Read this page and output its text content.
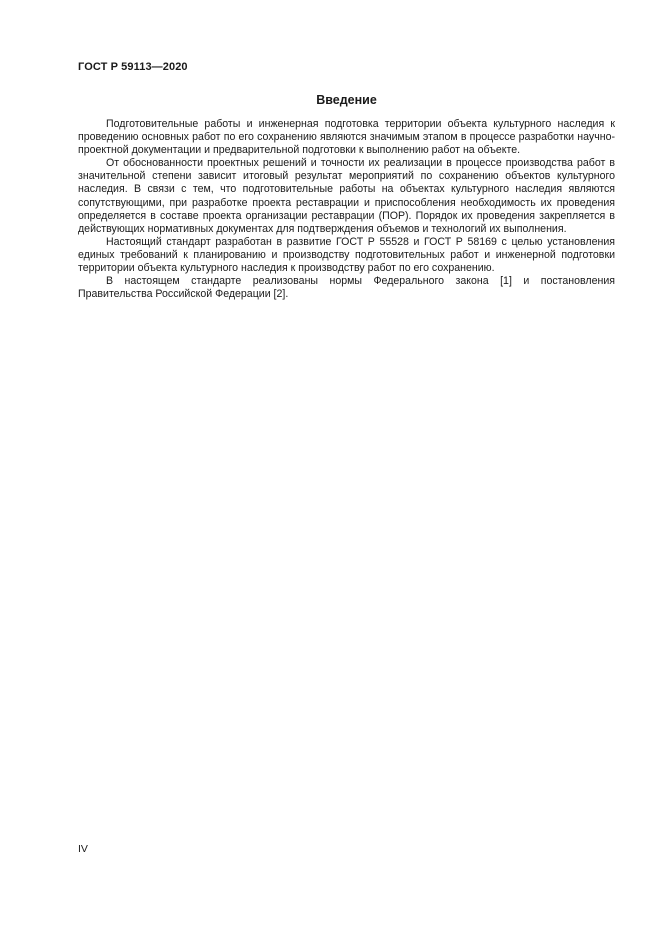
ГОСТ Р 59113—2020
Введение

Подготовительные работы и инженерная подготовка территории объекта культурного наследия к проведению основных работ по его сохранению являются значимым этапом в процессе разработки научно-проектной документации и предварительной подготовки к выполнению работ на объекте.

От обоснованности проектных решений и точности их реализации в процессе производства работ в значительной степени зависит итоговый результат мероприятий по сохранению объектов культурного наследия. В связи с тем, что подготовительные работы на объектах культурного наследия являются сопутствующими, при разработке проекта реставрации и приспособления необходимость их проведения определяется в составе проекта организации реставрации (ПОР). Порядок их проведения закрепляется в действующих нормативных документах для подтверждения объемов и технологий их выполнения.

Настоящий стандарт разработан в развитие ГОСТ Р 55528 и ГОСТ Р 58169 с целью установления единых требований к планированию и производству подготовительных работ и инженерной подготовки территории объекта культурного наследия к производству работ по его сохранению.

В настоящем стандарте реализованы нормы Федерального закона [1] и постановления Правительства Российской Федерации [2].

IV
